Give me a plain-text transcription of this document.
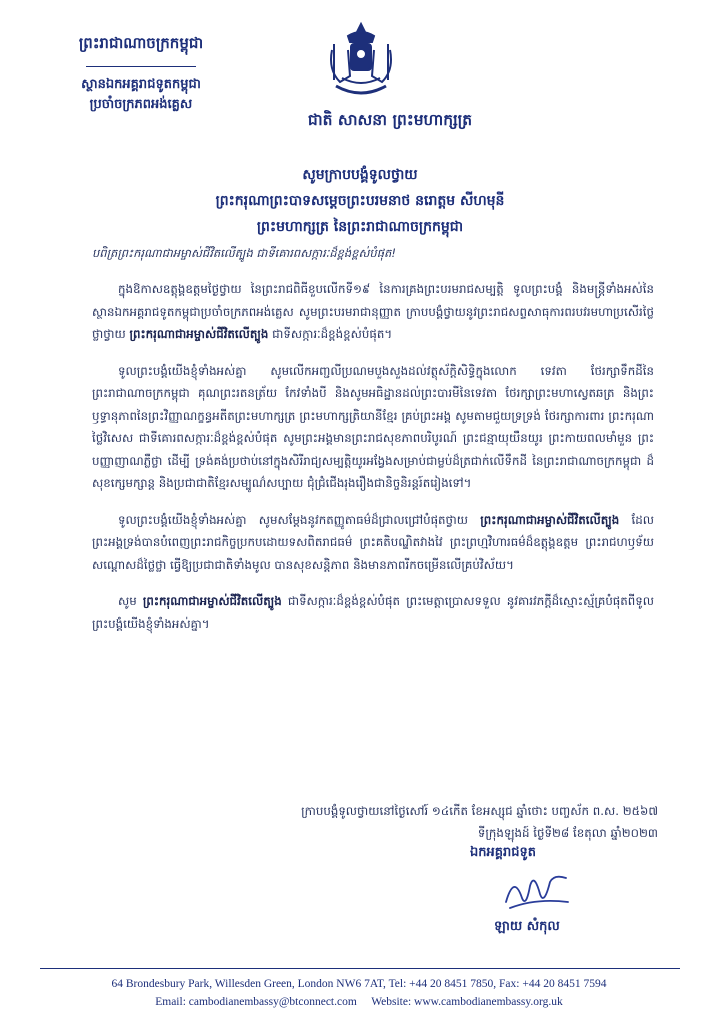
ព្រះរាជាណាចក្រកម្ពុជា
ស្ថានឯកអគ្គរាជទូតកម្ពុជា
ប្រចាំចក្រភពអង់គ្លេស
ជាតិ សាសនា ព្រះមហាក្សត្រ
សូមក្រាបបង្គំទូលថ្វាយ
ព្រះករុណាព្រះបាទសម្ដេចព្រះបរមនាថ នរោត្តម សីហមុនី
ព្រះមហាក្សត្រ នៃព្រះរាជាណាចក្រកម្ពុជា
បពិត្រព្រះករុណាជាអម្ចាស់ជីវិតលើត្បូង ជាទីគោរពសក្ការៈដ៏ខ្ពង់ខ្ពស់បំផុត!

ក្នុងឱកាសឧត្តុង្គឧត្តមថ្ងៃថ្វាយ នៃព្រះរាជពិធីខួបលើកទី១៩ នៃការគ្រងព្រះបរមរាជសម្បត្តិ ទូលព្រះបង្គំ និងមន្ត្រីទាំងអស់នៃស្ថានឯកអគ្គរាជទូតកម្ពុជាប្រចាំចក្រភពអង់គ្លេស សូមព្រះបរមរាជានុញ្ញាត ក្រាបបង្គំថ្វាយនូវព្រះរាជសព្ទសាធុការពរបវរមហាប្រសើរថ្លៃថ្លាថ្វាយ ព្រះករុណាជាអម្ចាស់ជីវិតលើត្បូង ជាទីសក្ការៈដ៏ខ្ពង់ខ្ពស់បំផុត។

ទូលព្រះបង្គំយើងខ្ញុំទាំងអស់គ្នា សូមលើកអញ្ជលីប្រណមបួងសួងដល់វត្ថុស័ក្ដិសិទ្ធិក្នុងលោក ទេវតា ថែរក្សាទឹកដីនៃព្រះរាជាណាចក្រកម្ពុជា គុណព្រះរតនត្រ័យ កែវទាំងបី និងសូមអធិដ្ឋានដល់ព្រះបារមីនៃទេវតា ថែរក្សាព្រះមហាស្វេតឆត្រ និងព្រះឫទ្ធានុភាពនៃព្រះវិញ្ញាណក្ខន្ធអតីតព្រះមហាក្សត្រ ព្រះមហាក្សត្រិយានីខ្មែរ គ្រប់ព្រះអង្គ សូមតាមជួយទ្រទ្រង់ ថែរក្សាការពារ ព្រះករុណាថ្លៃវិសេស ជាទីគោរពសក្ការៈដ៏ខ្ពង់ខ្ពស់បំផុត សូមព្រះអង្គមានព្រះរាជសុខភាពបរិបូរណ៍ ព្រះជន្មាយុយឺនយូរ ព្រះកាយពលមាំមួន ព្រះបញ្ញាញាណភ្លឺថ្លា ដើម្បី ទ្រង់គង់ប្រថាប់នៅក្នុងសិរីរាជ្យសម្បត្តិយូរអង្វែងសម្រាប់ជាម្លប់ដ៏ត្រជាក់លើទឹកដី នៃព្រះរាជាណាចក្រកម្ពុជា ដ៏សុខក្សេមក្សាន្ត និងប្រជាជាតិខ្មែរសម្បូណ៌សប្បាយ ជុំជ្រំជើងរុងរឿងជានិច្ចនិរន្តរ៍តរៀងទៅ។

ទូលព្រះបង្គំយើងខ្ញុំទាំងអស់គ្នា សូមសម្តែងនូវកតញ្ញូតាធម៌ដ៏ជ្រាលជ្រៅបំផុតថ្វាយ ព្រះករុណាជាអម្ចាស់ជីវិតលើត្បូង ដែលព្រះអង្គទ្រង់បានបំពេញព្រះរាជកិច្ចប្រកបដោយទសពិតរាជធម៌ ព្រះគតិបណ្ឌិតវាងវៃ ព្រះព្រហ្មវិហារធម៌ដ៏ឧត្តុង្គឧត្តម ព្រះរាជហឫទ័យសណ្ដោសដ៏ថ្លៃថ្លា ធ្វើឱ្យប្រជាជាតិទាំងមូល បានសុខសន្តិភាព និងមានភាពរីកចម្រើនលើគ្រប់វិស័យ។

សូម ព្រះករុណាជាអម្ចាស់ជីវិតលើត្បូង ជាទីសក្ការៈដ៏ខ្ពង់ខ្ពស់បំផុត ព្រះមេត្តាប្រោសទទួល នូវគារវភក្តីដ៏ស្មោះស្ម័គ្រ​បំផុតពីទូលព្រះបង្គំយើងខ្ញុំទាំងអស់គ្នា។

ក្រាបបង្គំទូលថ្វាយនៅថ្ងៃសៅរ៍ ១៤កើត ខែអស្សុជ ឆ្នាំថោះ បញ្ចស័ក ព.ស. ២៥៦៧
ទីក្រុងឡុងដ៍ ថ្ងៃទី២៨ ខែតុលា ឆ្នាំ២០២៣
ឯកអគ្គរាជទូត
ឡាយ សំកុល
64 Brondesbury Park, Willesden Green, London NW6 7AT, Tel: +44 20 8451 7850, Fax: +44 20 8451 7594
Email: cambodianembassy@btconnect.com Website: www.cambodianembassy.org.uk
